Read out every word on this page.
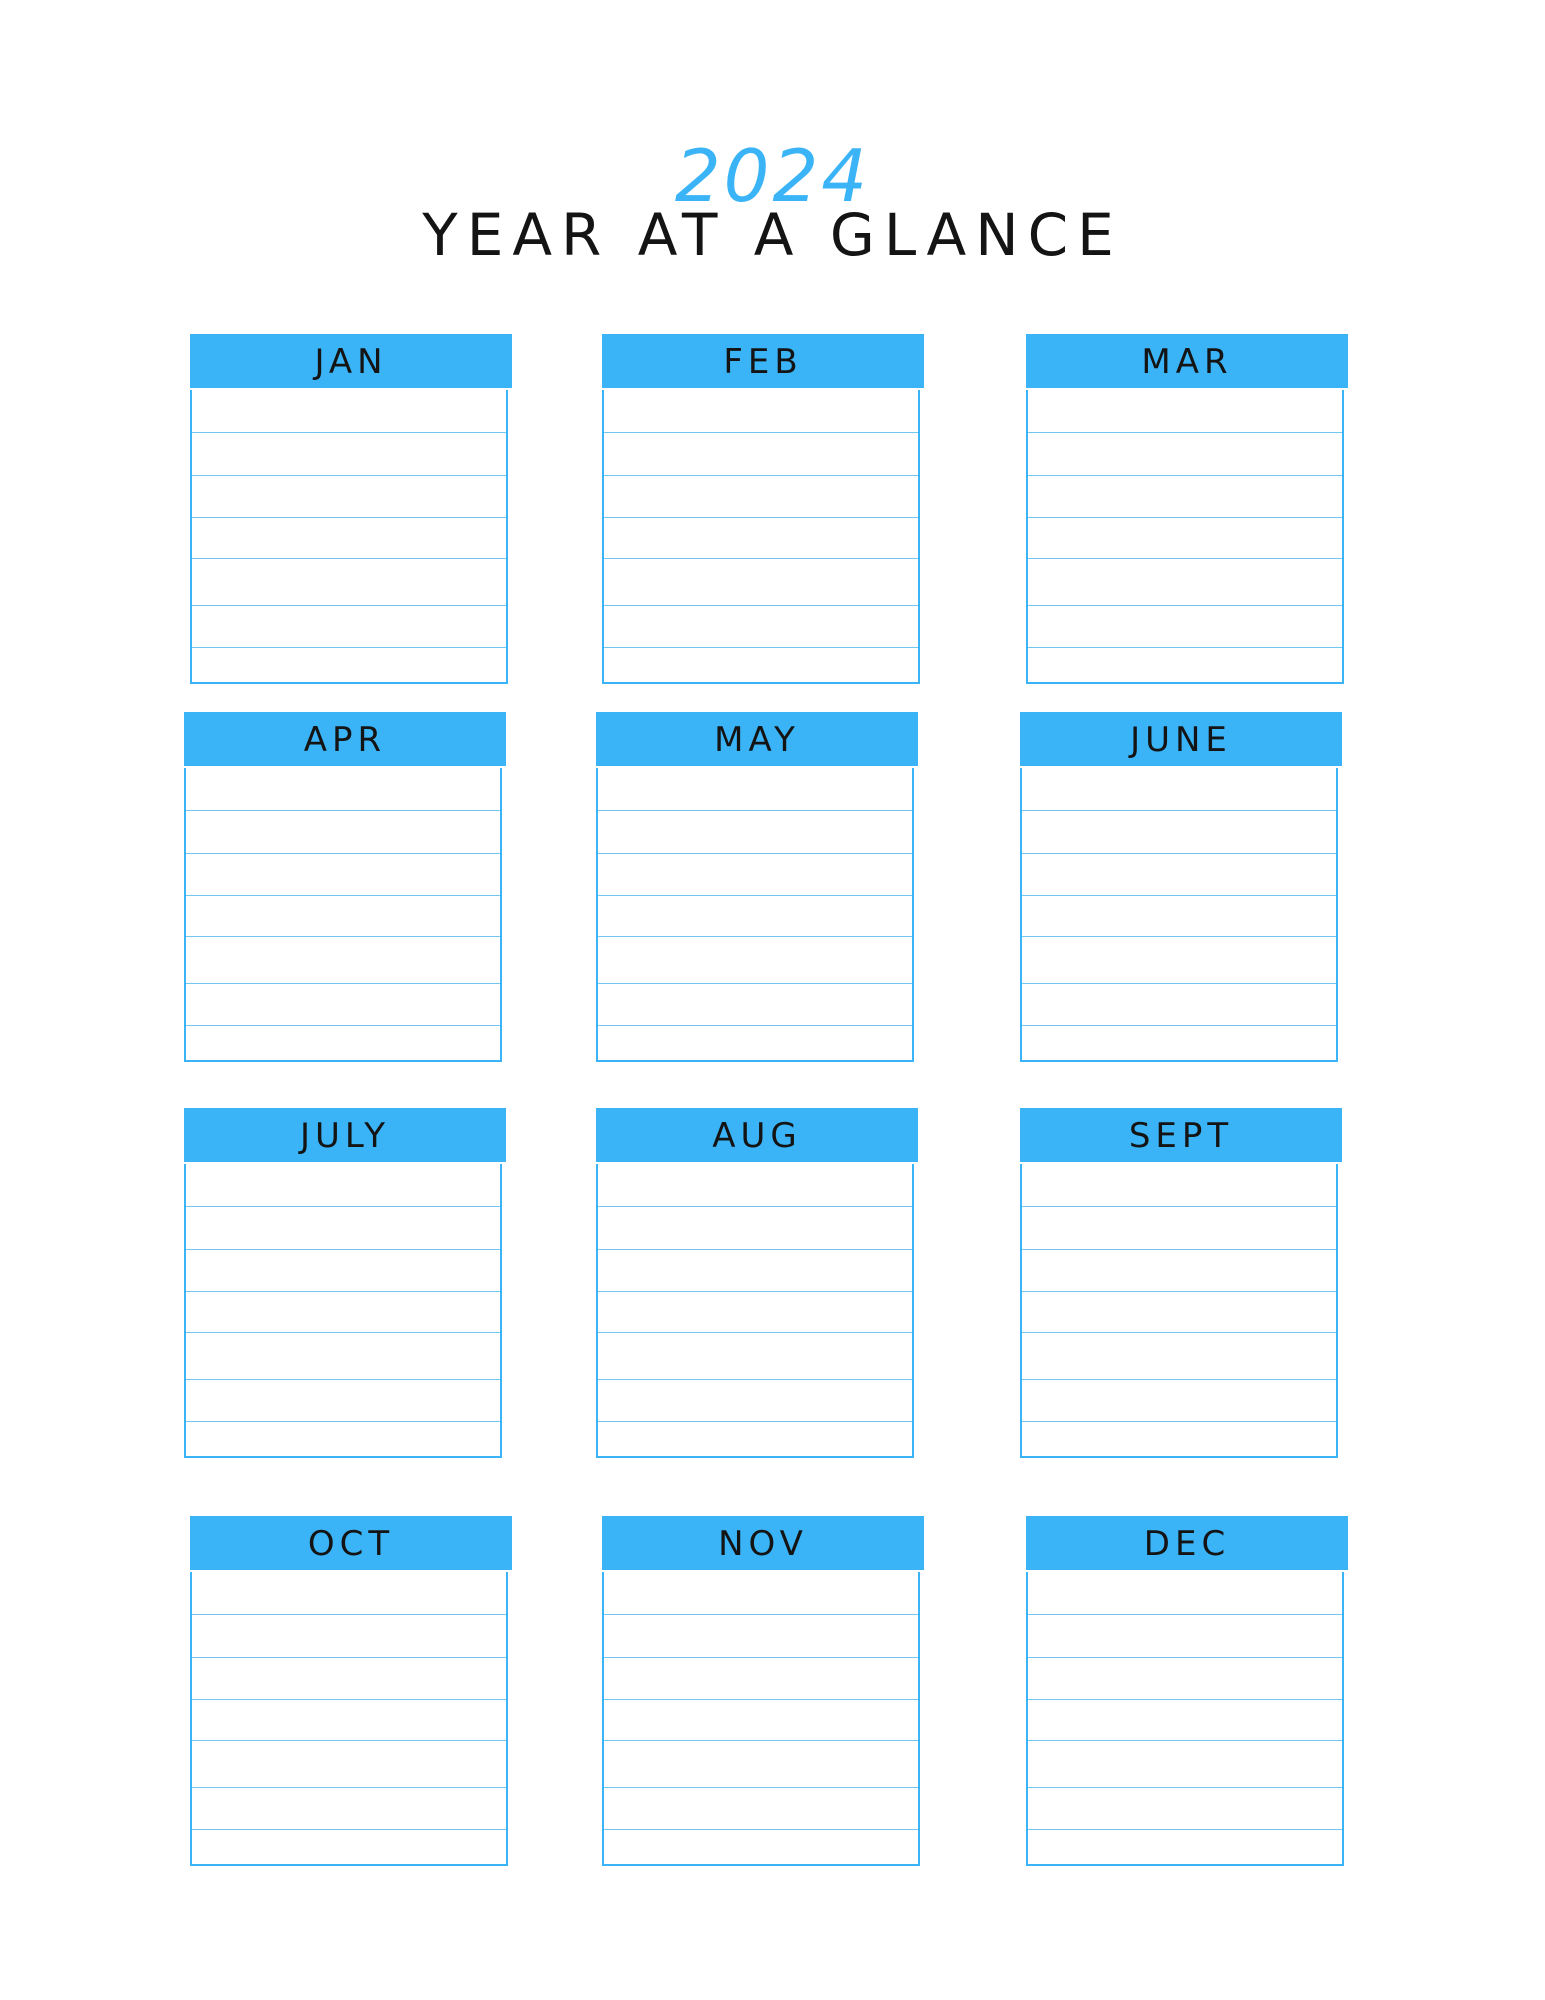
2024
YEAR AT A GLANCE
JAN	FEB	MAR
APR	MAY	JUNE
JULY	AUG	SEPT
OCT	NOV	DEC
